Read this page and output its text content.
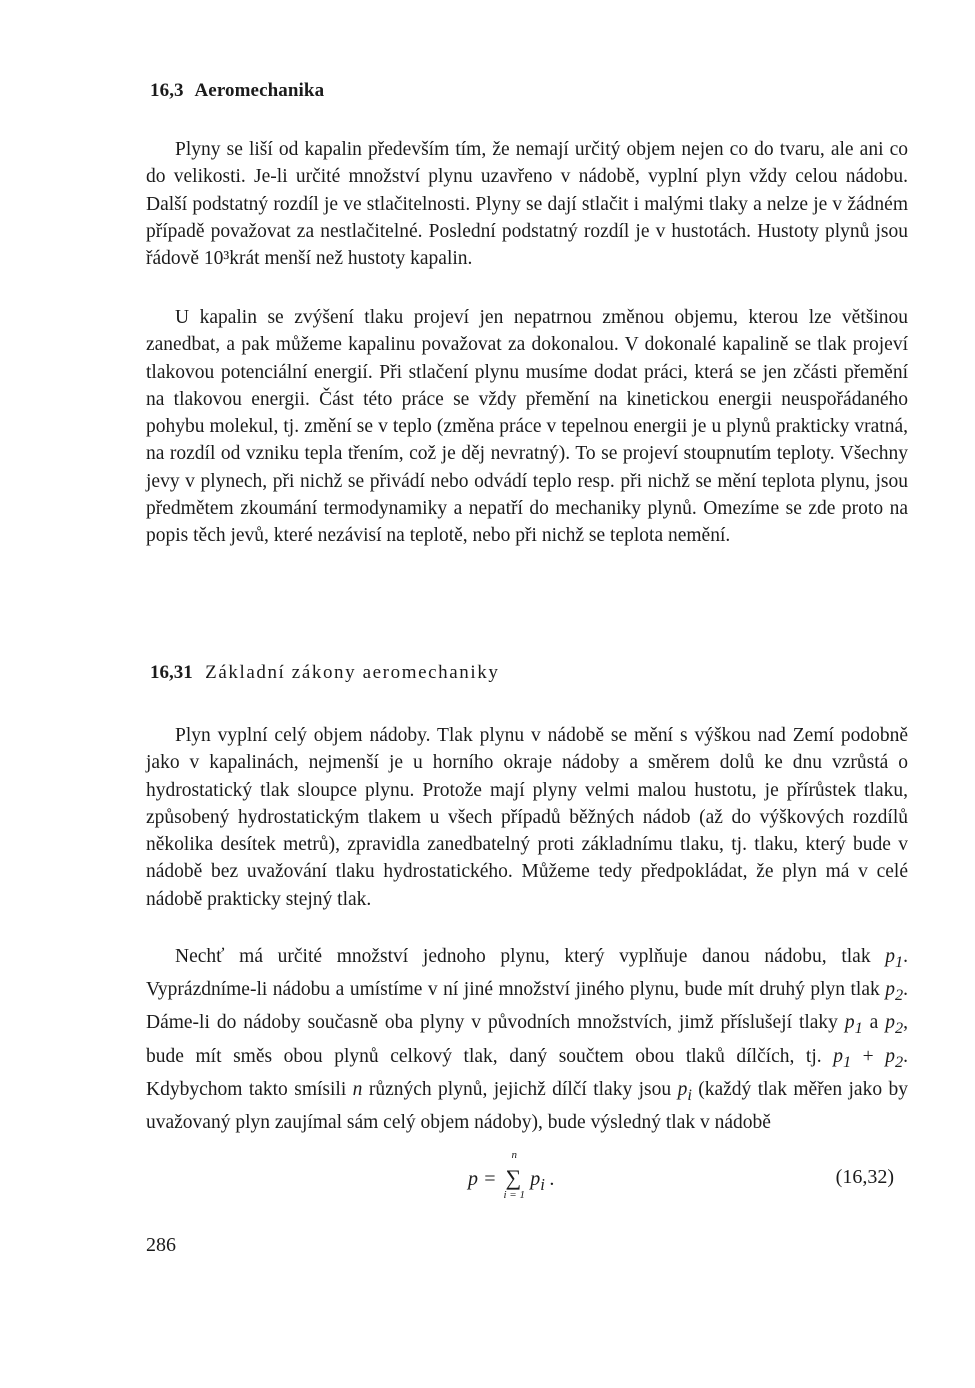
16,3 Aeromechanika

Plyny se liší od kapalin především tím, že nemají určitý objem nejen co do tvaru, ale ani co do velikosti. Je-li určité množství plynu uzavřeno v nádobě, vyplní plyn vždy celou nádobu. Další podstatný rozdíl je ve stlačitelnosti. Plyny se dají stlačit i malými tlaky a nelze je v žádném případě považovat za nestlačitelné. Poslední podstatný rozdíl je v hustotách. Hustoty plynů jsou řádově 10³krát menší než hustoty kapalin.

U kapalin se zvýšení tlaku projeví jen nepatrnou změnou objemu, kterou lze většinou zanedbat, a pak můžeme kapalinu považovat za dokonalou. V dokonalé kapalině se tlak projeví tlakovou potenciální energií. Při stlačení plynu musíme dodat práci, která se jen zčásti přemění na tlakovou energii. Část této práce se vždy přemění na kinetickou energii neuspořádaného pohybu molekul, tj. změní se v teplo (změna práce v tepelnou energii je u plynů prakticky vratná, na rozdíl od vzniku tepla třením, což je děj nevratný). To se projeví stoupnutím teploty. Všechny jevy v plynech, při nichž se přivádí nebo odvádí teplo resp. při nichž se mění teplota plynu, jsou předmětem zkoumání termodynamiky a nepatří do mechaniky plynů. Omezíme se zde proto na popis těch jevů, které nezávisí na teplotě, nebo při nichž se teplota nemění.

16,31 Základní zákony aeromechaniky

Plyn vyplní celý objem nádoby. Tlak plynu v nádobě se mění s výškou nad Zemí podobně jako v kapalinách, nejmenší je u horního okraje nádoby a směrem dolů ke dnu vzrůstá o hydrostatický tlak sloupce plynu. Protože mají plyny velmi malou hustotu, je přírůstek tlaku, způsobený hydrostatickým tlakem u všech případů běžných nádob (až do výškových rozdílů několika desítek metrů), zpravidla zanedbatelný proti základnímu tlaku, tj. tlaku, který bude v nádobě bez uvažování tlaku hydrostatického. Můžeme tedy předpokládat, že plyn má v celé nádobě prakticky stejný tlak.

Nechť má určité množství jednoho plynu, který vyplňuje danou nádobu, tlak $p_1$. Vyprázdníme-li nádobu a umístíme v ní jiné množství jiného plynu, bude mít druhý plyn tlak $p_2$. Dáme-li do nádoby současně oba plyny v původních množstvích, jimž příslušejí tlaky $p_1$ a $p_2$, bude mít směs obou plynů celkový tlak, daný součtem obou tlaků dílčích, tj. $p_1 + p_2$. Kdybychom takto smísili n různých plynů, jejichž dílčí tlaky jsou $p_i$ (každý tlak měřen jako by uvažovaný plyn zaujímal sám celý objem nádoby), bude výsledný tlak v nádobě

p =
n
∑
i = 1
$p_i$ .	(16,32)
286
